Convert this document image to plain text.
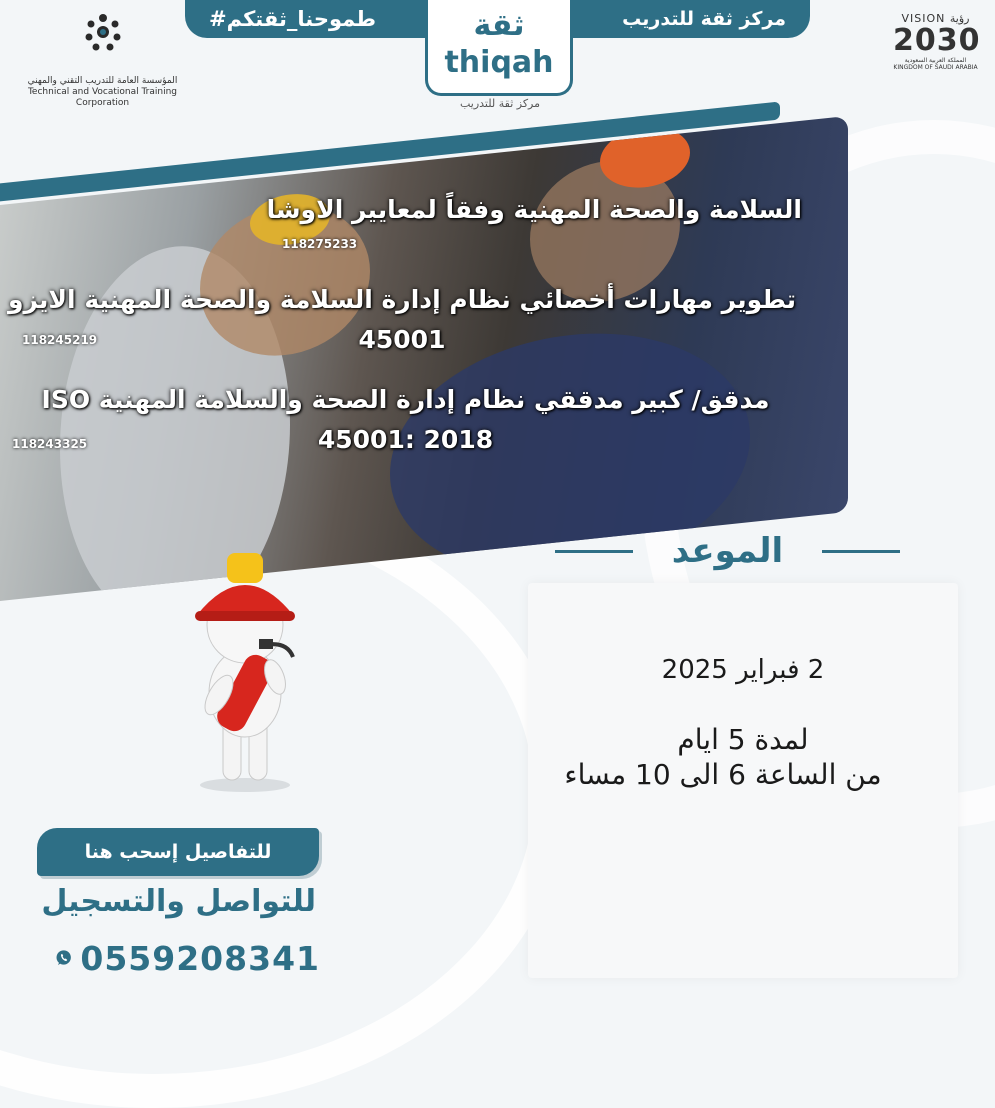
#طموحنا_ثقتكم	مركز ثقة للتدريب
ثقة
thiqah
مركز ثقة للتدريب
المؤسسة العامة للتدريب التقني والمهني
Technical and Vocational Training Corporation
VISION رؤية
2030
المملكة العربية السعودية KINGDOM OF SAUDI ARABIA
السلامة والصحة المهنية وفقاً لمعايير الاوشا
118275233
تطوير مهارات أخصائي نظام إدارة السلامة والصحة المهنية الايزو 45001
118245219
مدقق/ كبير مدققي نظام إدارة الصحة والسلامة المهنية ISO 45001: 2018
118243325
الموعد
2 فبراير 2025
لمدة 5 ايام
من الساعة 6 الى 10 مساء
للتفاصيل إسحب هنا
للتواصل والتسجيل
0559208341
